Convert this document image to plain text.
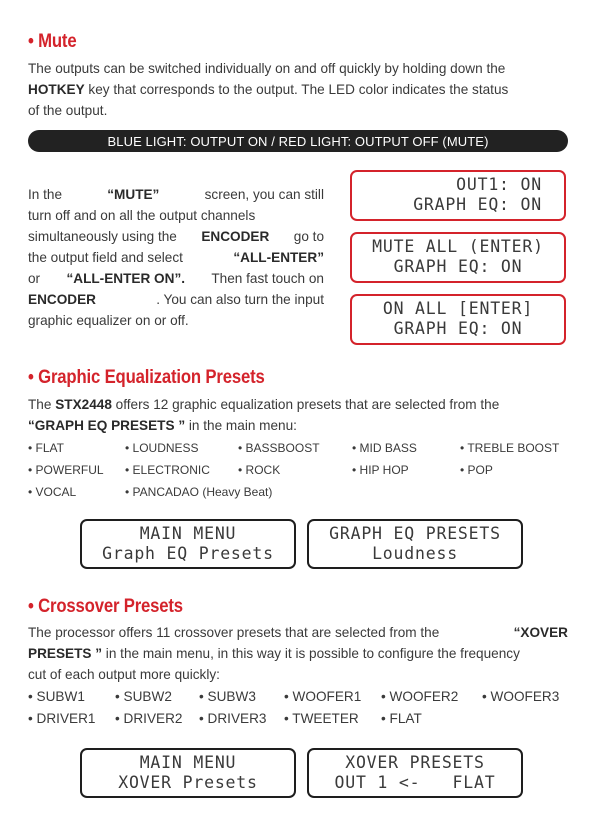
• Mute
The outputs can be switched individually on and off quickly by holding down the
HOTKEY key that corresponds to the output. The LED color indicates the status
of the output.
BLUE LIGHT: OUTPUT ON / RED LIGHT: OUTPUT OFF (MUTE)
In the	“MUTE”	screen, you can still
turn off and on all the output channels
simultaneously using the ENCODER go to
the output field and select	“ALL-ENTER”
or “ALL-ENTER ON”. Then fast touch on
ENCODER	. You can also turn the input
graphic equalizer on or off.
OUT1: ON
GRAPH EQ: ON
MUTE ALL (ENTER)
GRAPH EQ: ON
ON ALL [ENTER]
GRAPH EQ: ON
• Graphic Equalization Presets
The STX2448 offers 12 graphic equalization presets that are selected from the
“GRAPH EQ PRESETS ” in the main menu:
• FLAT	• LOUDNESS	• BASSBOOST	• MID BASS	• TREBLE BOOST
• POWERFUL • ELECTRONIC • ROCK	• HIP HOP	• POP
• VOCAL	• PANCADAO (Heavy Beat)
MAIN MENU
Graph EQ Presets
GRAPH EQ PRESETS
Loudness
• Crossover Presets
The processor offers 11 crossover presets that are selected from the	“XOVER
PRESETS ” in the main menu, in this way it is possible to configure the frequency
cut of each output more quickly:
• SUBW1 • SUBW2 • SUBW3 • WOOFER1 • WOOFER2 • WOOFER3
• DRIVER1 • DRIVER2 • DRIVER3 • TWEETER • FLAT
MAIN MENU
XOVER Presets
XOVER PRESETS
OUT 1 <-   FLAT
